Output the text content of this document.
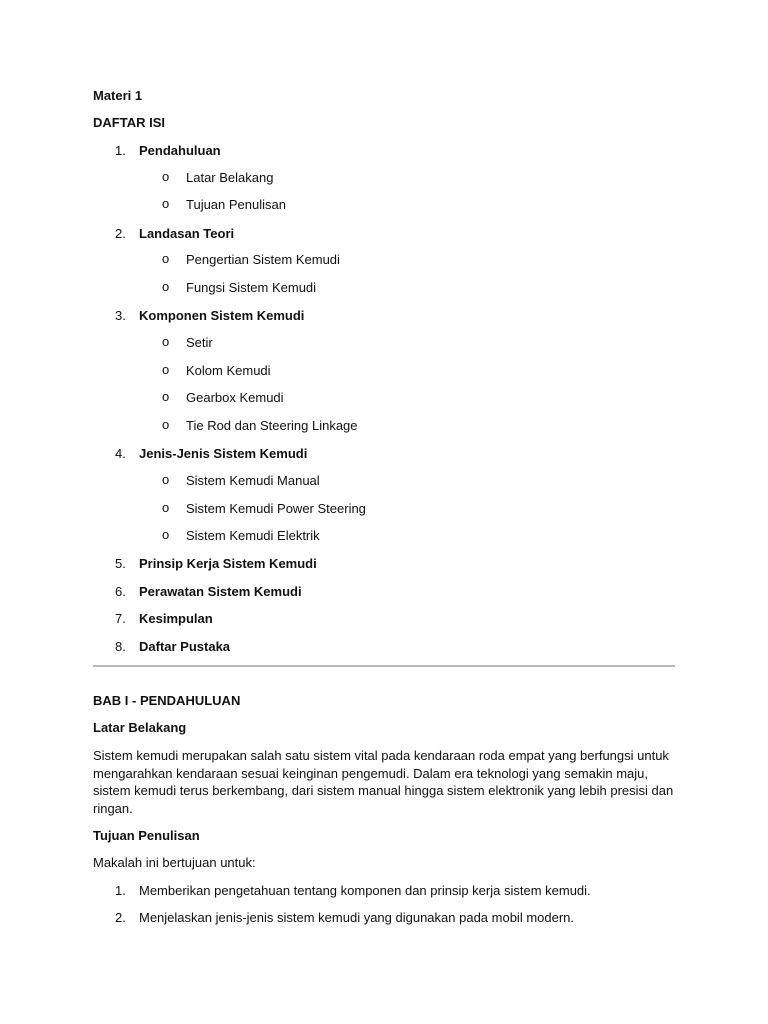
Materi 1
DAFTAR ISI
1. Pendahuluan
o Latar Belakang
o Tujuan Penulisan
2. Landasan Teori
o Pengertian Sistem Kemudi
o Fungsi Sistem Kemudi
3. Komponen Sistem Kemudi
o Setir
o Kolom Kemudi
o Gearbox Kemudi
o Tie Rod dan Steering Linkage
4. Jenis-Jenis Sistem Kemudi
o Sistem Kemudi Manual
o Sistem Kemudi Power Steering
o Sistem Kemudi Elektrik
5. Prinsip Kerja Sistem Kemudi
6. Perawatan Sistem Kemudi
7. Kesimpulan
8. Daftar Pustaka
BAB I - PENDAHULUAN
Latar Belakang
Sistem kemudi merupakan salah satu sistem vital pada kendaraan roda empat yang berfungsi untuk mengarahkan kendaraan sesuai keinginan pengemudi. Dalam era teknologi yang semakin maju, sistem kemudi terus berkembang, dari sistem manual hingga sistem elektronik yang lebih presisi dan ringan.
Tujuan Penulisan
Makalah ini bertujuan untuk:
1. Memberikan pengetahuan tentang komponen dan prinsip kerja sistem kemudi.
2. Menjelaskan jenis-jenis sistem kemudi yang digunakan pada mobil modern.
